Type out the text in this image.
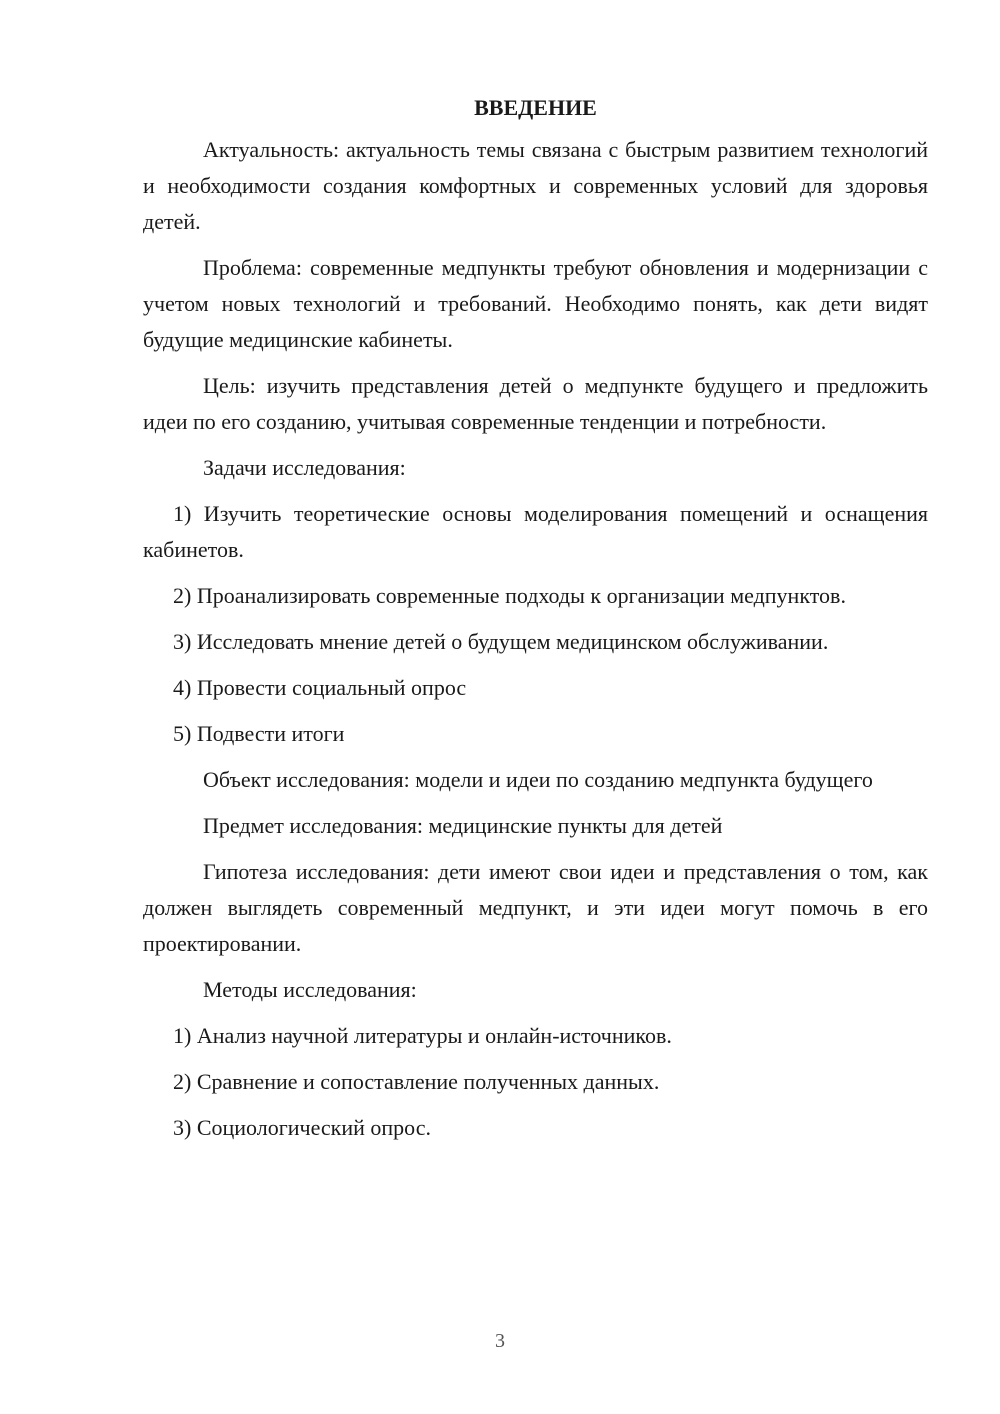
ВВЕДЕНИЕ

Актуальность: актуальность темы связана с быстрым развитием технологий и необходимости создания комфортных и современных условий для здоровья детей.

Проблема: современные медпункты требуют обновления и модернизации с учетом новых технологий и требований. Необходимо понять, как дети видят будущие медицинские кабинеты.

Цель: изучить представления детей о медпункте будущего и предложить идеи по его созданию, учитывая современные тенденции и потребности.

Задачи исследования:

1) Изучить теоретические основы моделирования помещений и оснащения кабинетов.

2) Проанализировать современные подходы к организации медпунктов.

3) Исследовать мнение детей о будущем медицинском обслуживании.

4) Провести социальный опрос

5) Подвести итоги

Объект исследования: модели и идеи по созданию медпункта будущего

Предмет исследования: медицинские пункты для детей

Гипотеза исследования: дети имеют свои идеи и представления о том, как должен выглядеть современный медпункт, и эти идеи могут помочь в его проектировании.

Методы исследования:

1) Анализ научной литературы и онлайн-источников.

2) Сравнение и сопоставление полученных данных.

3) Социологический опрос.

3
